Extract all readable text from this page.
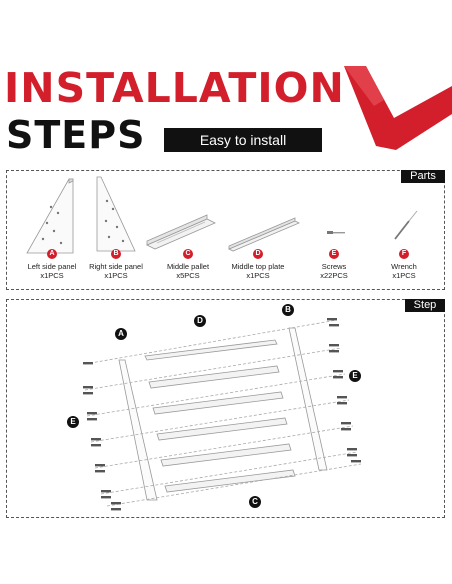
INSTALLATION
STEPS	Easy to install
Parts
A
Left side panel
x1PCS
B
Right side panel
x1PCS
C
Middle pallet
x5PCS
D
Middle top plate
x1PCS
E
Screws
x22PCS
F
Wrench
x1PCS
Step
A
B
D
E
E
C
